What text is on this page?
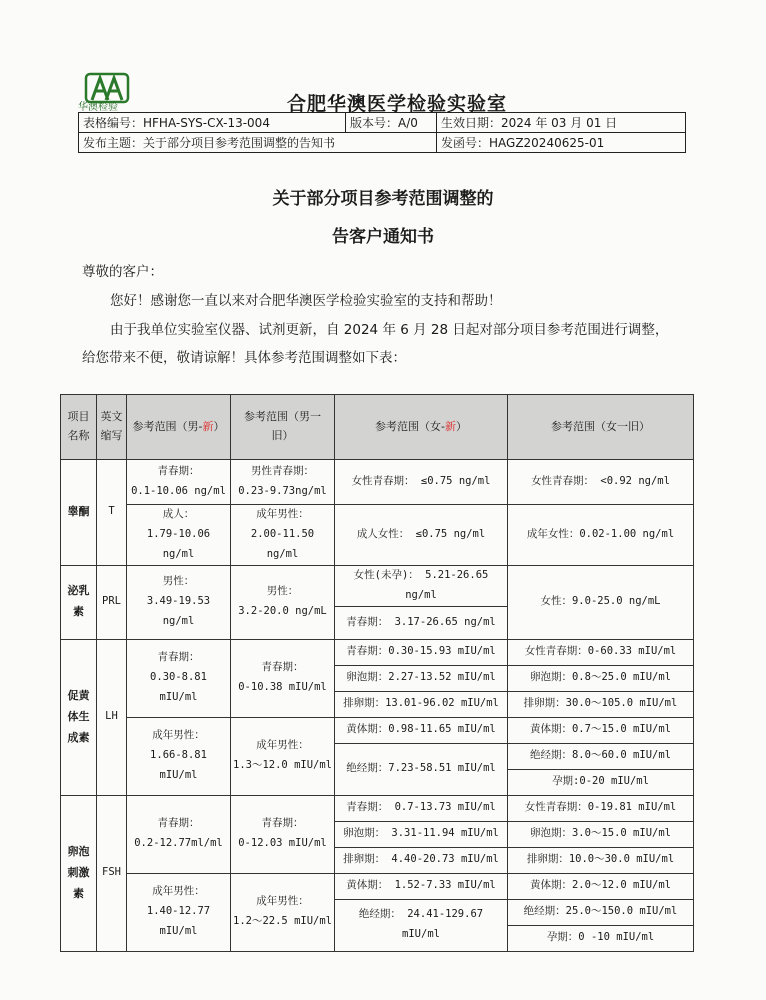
华澳检验	合肥华澳医学检验实验室
表格编号：HFHA-SYS-CX-13-004	版本号：A/0	生效日期：2024 年 03 月 01 日
发布主题：关于部分项目参考范围调整的告知书		发函号：HAGZ20240625-01
关于部分项目参考范围调整的
告客户通知书
尊敬的客户：
您好！感谢您一直以来对合肥华澳医学检验实验室的支持和帮助！
由于我单位实验室仪器、试剂更新，自 2024 年 6 月 28 日起对部分项目参考范围进行调整，
给您带来不便，敬请谅解！具体参考范围调整如下表：
项目
名称	英文
缩写	参考范围（男-新）	参考范围（男一
旧）	参考范围（女-新）	参考范围（女一旧）
睾酮	T	青春期：
0.1-10.06 ng/ml	男性青春期：
0.23-9.73ng/ml	女性青春期： ≤0.75 ng/ml	女性青春期： <0.92 ng/ml
		成人：
1.79-10.06 ng/ml	成年男性：
2.00-11.50 ng/ml	成人女性： ≤0.75 ng/ml	成年女性：0.02-1.00 ng/ml
泌乳
素	PRL	男性：
3.49-19.53 ng/ml	男性：
3.2-20.0 ng/mL	女性(未孕)： 5.21-26.65 ng/ml	女性：9.0-25.0 ng/mL
				青春期： 3.17-26.65 ng/ml	
促黄
体生
成素	LH	青春期：
0.30-8.81 mIU/ml	青春期：
0-10.38 mIU/ml	青春期：0.30-15.93 mIU/ml	女性青春期：0-60.33 mIU/ml
				卵泡期：2.27-13.52 mIU/ml	卵泡期：0.8～25.0 mIU/ml
				排卵期：13.01-96.02 mIU/ml	排卵期：30.0～105.0 mIU/ml
		成年男性：
1.66-8.81 mIU/ml	成年男性：
1.3～12.0 mIU/ml	黄体期：0.98-11.65 mIU/ml	黄体期：0.7～15.0 mIU/ml
				绝经期：7.23-58.51 mIU/ml	绝经期：8.0～60.0 mIU/ml
					孕期:0-20 mIU/ml
卵泡
刺激
素	FSH	青春期：
0.2-12.77ml/ml	青春期：
0-12.03 mIU/ml	青春期： 0.7-13.73 mIU/ml	女性青春期：0-19.81 mIU/ml
				卵泡期： 3.31-11.94 mIU/ml	卵泡期：3.0～15.0 mIU/ml
				排卵期： 4.40-20.73 mIU/ml	排卵期：10.0～30.0 mIU/ml
		成年男性：
1.40-12.77 mIU/ml	成年男性：
1.2～22.5 mIU/ml	黄体期： 1.52-7.33 mIU/ml	黄体期：2.0～12.0 mIU/ml
				绝经期： 24.41-129.67 mIU/ml	绝经期：25.0～150.0 mIU/ml
					孕期：0 -10 mIU/ml
